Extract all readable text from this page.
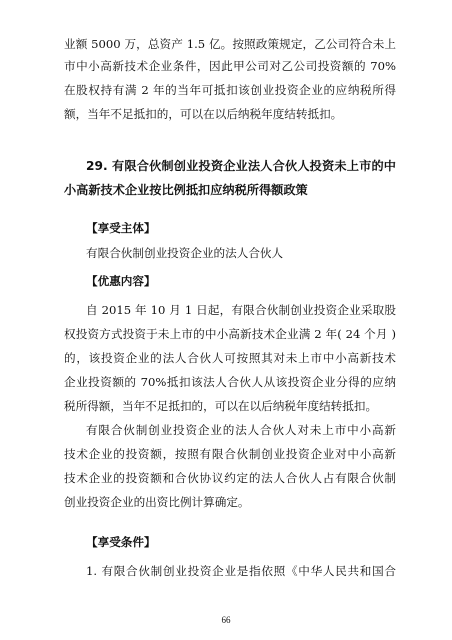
业额 5000 万，总资产 1.5 亿。按照政策规定，乙公司符合未上
市中小高新技术企业条件，因此甲公司对乙公司投资额的 70%
在股权持有满 2 年的当年可抵扣该创业投资企业的应纳税所得
额，当年不足抵扣的，可以在以后纳税年度结转抵扣。
29. 有限合伙制创业投资企业法人合伙人投资未上市的中
小高新技术企业按比例抵扣应纳税所得额政策
【享受主体】
有限合伙制创业投资企业的法人合伙人
【优惠内容】
自 2015 年 10 月 1 日起，有限合伙制创业投资企业采取股
权投资方式投资于未上市的中小高新技术企业满 2 年( 24 个月 )
的，该投资企业的法人合伙人可按照其对未上市中小高新技术
企业投资额的 70%抵扣该法人合伙人从该投资企业分得的应纳
税所得额，当年不足抵扣的，可以在以后纳税年度结转抵扣。
有限合伙制创业投资企业的法人合伙人对未上市中小高新
技术企业的投资额，按照有限合伙制创业投资企业对中小高新
技术企业的投资额和合伙协议约定的法人合伙人占有限合伙制
创业投资企业的出资比例计算确定。
【享受条件】
1. 有限合伙制创业投资企业是指依照《中华人民共和国合
66
